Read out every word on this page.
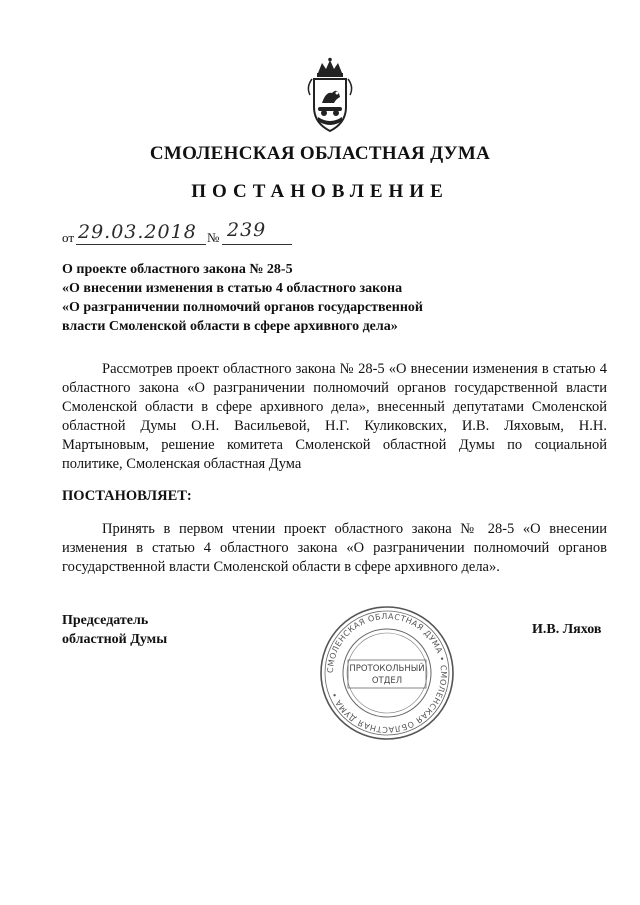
СМОЛЕНСКАЯ ОБЛАСТНАЯ ДУМА
ПОСТАНОВЛЕНИЕ
от 29.03.2018 № 239
О проекте областного закона № 28-5
«О внесении изменения в статью 4 областного закона
«О разграничении полномочий органов государственной
власти Смоленской области в сфере архивного дела»
Рассмотрев проект областного закона № 28-5 «О внесении изменения в статью 4 областного закона «О разграничении полномочий органов государственной власти Смоленской области в сфере архивного дела», внесенный депутатами Смоленской областной Думы О.Н. Васильевой, Н.Г. Куликовских, И.В. Ляховым, Н.Н. Мартыновым, решение комитета Смоленской областной Думы по социальной политике, Смоленская областная Дума
ПОСТАНОВЛЯЕТ:
Принять в первом чтении проект областного закона № 28-5 «О внесении изменения в статью 4 областного закона «О разграничении полномочий органов государственной власти Смоленской области в сфере архивного дела».
Председатель
областной Думы
И.В. Ляхов
СМОЛЕНСКАЯ ОБЛАСТНАЯ ДУМА • СМОЛЕНСКАЯ ОБЛАСТНАЯ ДУМА •
ПРОТОКОЛЬНЫЙ
ОТДЕЛ
